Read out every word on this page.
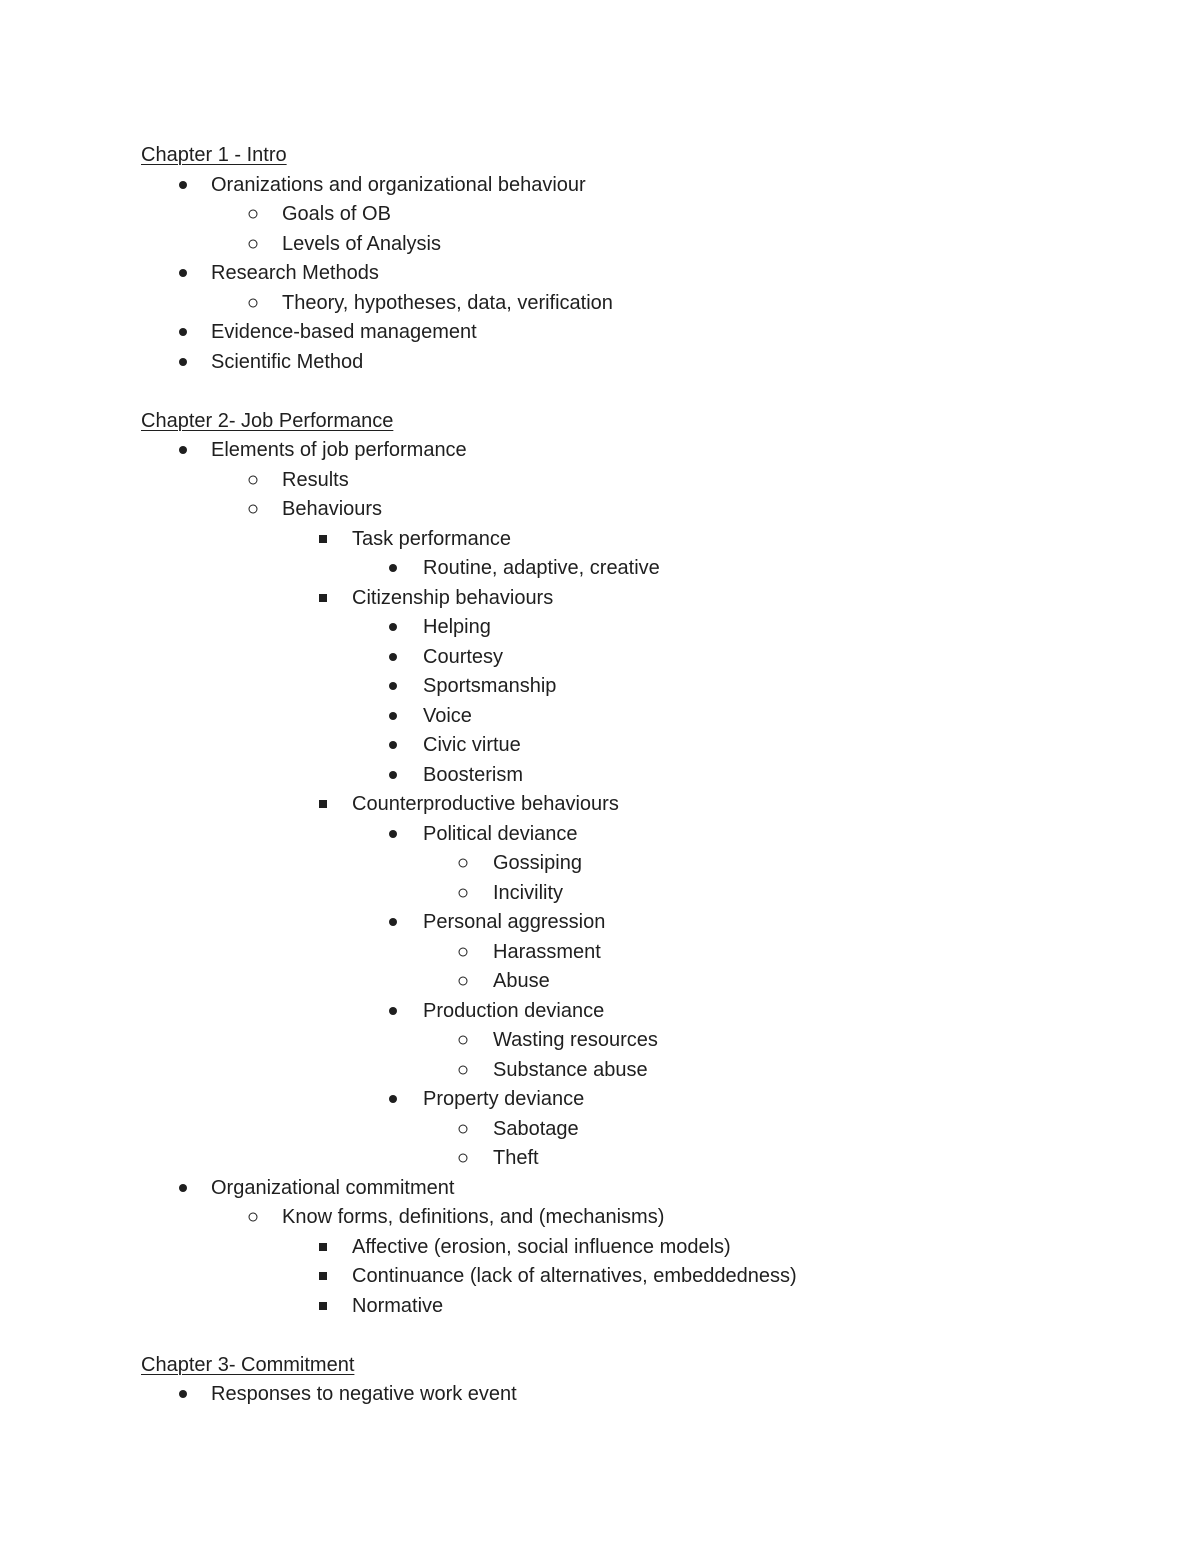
Chapter 1 - Intro
Oranizations and organizational behaviour
Goals of OB
Levels of Analysis
Research Methods
Theory, hypotheses, data, verification
Evidence-based management
Scientific Method
Chapter 2- Job Performance
Elements of job performance
Results
Behaviours
Task performance
Routine, adaptive, creative
Citizenship behaviours
Helping
Courtesy
Sportsmanship
Voice
Civic virtue
Boosterism
Counterproductive behaviours
Political deviance
Gossiping
Incivility
Personal aggression
Harassment
Abuse
Production deviance
Wasting resources
Substance abuse
Property deviance
Sabotage
Theft
Organizational commitment
Know forms, definitions, and (mechanisms)
Affective (erosion, social influence models)
Continuance (lack of alternatives, embeddedness)
Normative
Chapter 3- Commitment
Responses to negative work event
